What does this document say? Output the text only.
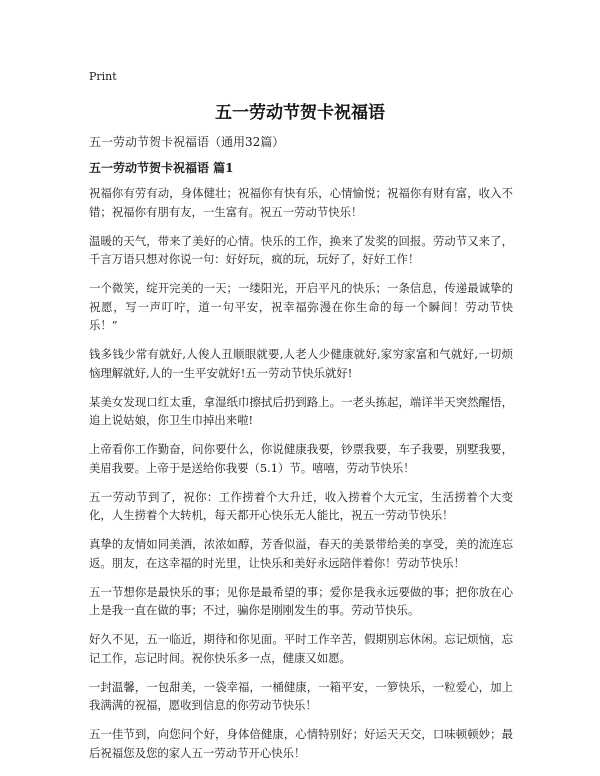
Print
五一劳动节贺卡祝福语

五一劳动节贺卡祝福语（通用32篇）

五一劳动节贺卡祝福语 篇1

祝福你有劳有动，身体健壮；祝福你有快有乐，心情愉悦；祝福你有财有富，收入不错；祝福你有朋有友，一生富有。祝五一劳动节快乐！

温暖的天气，带来了美好的心情。快乐的工作，换来了发奖的回报。劳动节又来了，千言万语只想对你说一句：好好玩，疯的玩，玩好了，好好工作！

一个微笑，绽开完美的一天；一缕阳光，开启平凡的快乐；一条信息，传递最诚挚的祝愿，写一声叮咛，道一句平安，祝幸福弥漫在你生命的每一个瞬间！劳动节快乐！”

钱多钱少常有就好,人俊人丑顺眼就要,人老人少健康就好,家穷家富和气就好,一切烦恼理解就好,人的一生平安就好!五一劳动节快乐就好!

某美女发现口红太重，拿湿纸巾擦拭后扔到路上。一老头拣起，端详半天突然醒悟，追上说姑娘，你卫生巾掉出来啦!

上帝看你工作勤奋，问你要什么，你说健康我要，钞票我要，车子我要，别墅我要，美眉我要。上帝于是送给你我要（5.1）节。嘻嘻，劳动节快乐！

五一劳动节到了，祝你：工作捞着个大升迁，收入捞着个大元宝，生活捞着个大变化，人生捞着个大转机，每天都开心快乐无人能比，祝五一劳动节快乐！

真挚的友情如同美酒，浓浓如醇，芳香似溢，春天的美景带给美的享受，美的流连忘返。朋友，在这幸福的时光里，让快乐和美好永远陪伴着你！劳动节快乐！

五一节想你是最快乐的事；见你是最希望的事；爱你是我永远要做的事；把你放在心上是我一直在做的事；不过，骗你是刚刚发生的事。劳动节快乐。

好久不见，五一临近，期待和你见面。平时工作辛苦，假期别忘休闲。忘记烦恼，忘记工作，忘记时间。祝你快乐多一点，健康又如愿。

一封温馨，一包甜美，一袋幸福，一桶健康，一箱平安，一箩快乐，一粒爱心，加上我满满的祝福，愿收到信息的你劳动节快乐！

五一佳节到，向您问个好，身体倍健康，心情特别好；好运天天交，口味顿顿妙；最后祝福您及您的家人五一劳动节开心快乐！
